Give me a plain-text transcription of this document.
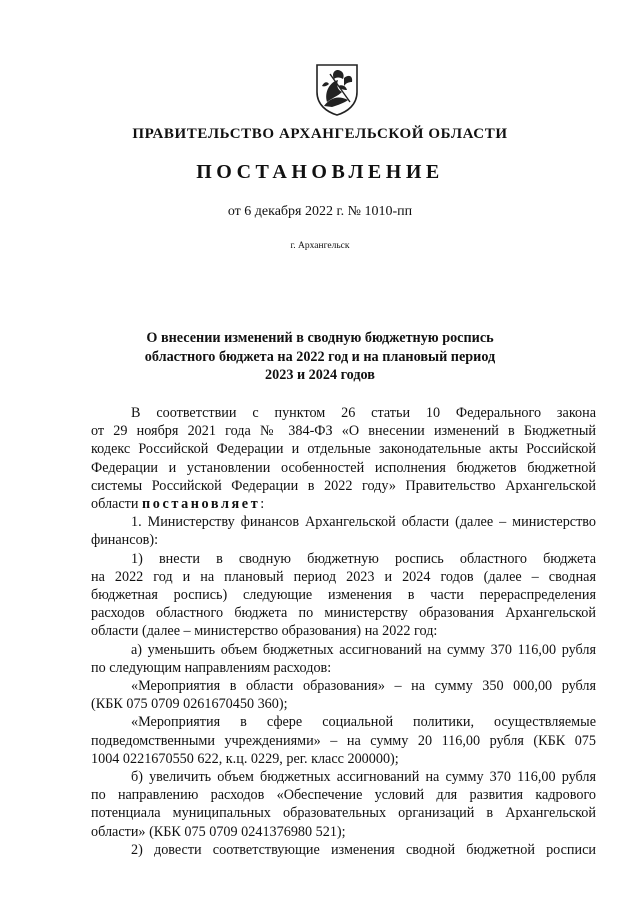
ПРАВИТЕЛЬСТВО АРХАНГЕЛЬСКОЙ ОБЛАСТИ
ПОСТАНОВЛЕНИЕ
от 6 декабря 2022 г. № 1010-пп
г. Архангельск
О внесении изменений в сводную бюджетную роспись
областного бюджета на 2022 год и на плановый период
2023 и 2024 годов
В соответствии с пунктом 26 статьи 10 Федерального закона
от 29 ноября 2021 года № 384-ФЗ «О внесении изменений в Бюджетный
кодекс Российской Федерации и отдельные законодательные акты Российской
Федерации и установлении особенностей исполнения бюджетов бюджетной
системы Российской Федерации в 2022 году» Правительство Архангельской
области постановляет:
1. Министерству финансов Архангельской области (далее – министерство
финансов):
1) внести в сводную бюджетную роспись областного бюджета
на 2022 год и на плановый период 2023 и 2024 годов (далее – сводная
бюджетная роспись) следующие изменения в части перераспределения
расходов областного бюджета по министерству образования Архангельской
области (далее – министерство образования) на 2022 год:
а) уменьшить объем бюджетных ассигнований на сумму 370 116,00 рубля
по следующим направлениям расходов:
«Мероприятия в области образования» – на сумму 350 000,00 рубля
(КБК 075 0709 0261670450 360);
«Мероприятия в сфере социальной политики, осуществляемые
подведомственными учреждениями» – на сумму 20 116,00 рубля (КБК 075
1004 0221670550 622, к.ц. 0229, рег. класс 200000);
б) увеличить объем бюджетных ассигнований на сумму 370 116,00 рубля
по направлению расходов «Обеспечение условий для развития кадрового
потенциала муниципальных образовательных организаций в Архангельской
области» (КБК 075 0709 0241376980 521);
2) довести соответствующие изменения сводной бюджетной росписи
